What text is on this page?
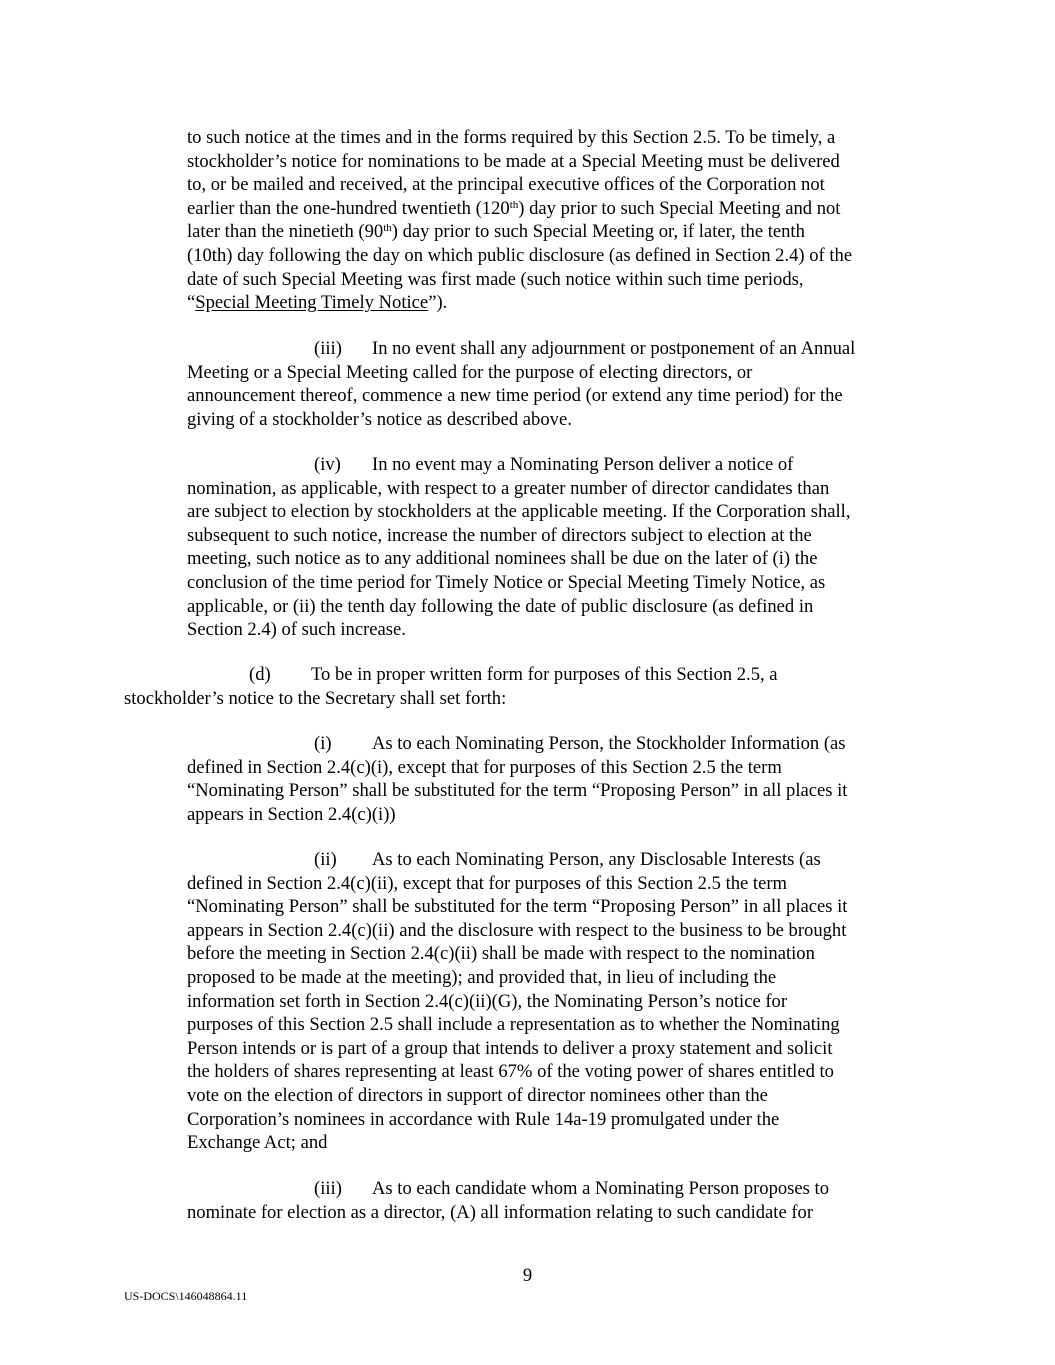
to such notice at the times and in the forms required by this Section 2.5. To be timely, a
stockholder’s notice for nominations to be made at a Special Meeting must be delivered
to, or be mailed and received, at the principal executive offices of the Corporation not
earlier than the one-hundred twentieth (120th) day prior to such Special Meeting and not
later than the ninetieth (90th) day prior to such Special Meeting or, if later, the tenth
(10th) day following the day on which public disclosure (as defined in Section 2.4) of the
date of such Special Meeting was first made (such notice within such time periods,
“Special Meeting Timely Notice”).
(iii) In no event shall any adjournment or postponement of an Annual
Meeting or a Special Meeting called for the purpose of electing directors, or
announcement thereof, commence a new time period (or extend any time period) for the
giving of a stockholder’s notice as described above.
(iv) In no event may a Nominating Person deliver a notice of
nomination, as applicable, with respect to a greater number of director candidates than
are subject to election by stockholders at the applicable meeting. If the Corporation shall,
subsequent to such notice, increase the number of directors subject to election at the
meeting, such notice as to any additional nominees shall be due on the later of (i) the
conclusion of the time period for Timely Notice or Special Meeting Timely Notice, as
applicable, or (ii) the tenth day following the date of public disclosure (as defined in
Section 2.4) of such increase.
(d) To be in proper written form for purposes of this Section 2.5, a
stockholder’s notice to the Secretary shall set forth:
(i) As to each Nominating Person, the Stockholder Information (as
defined in Section 2.4(c)(i), except that for purposes of this Section 2.5 the term
“Nominating Person” shall be substituted for the term “Proposing Person” in all places it
appears in Section 2.4(c)(i))
(ii) As to each Nominating Person, any Disclosable Interests (as
defined in Section 2.4(c)(ii), except that for purposes of this Section 2.5 the term
“Nominating Person” shall be substituted for the term “Proposing Person” in all places it
appears in Section 2.4(c)(ii) and the disclosure with respect to the business to be brought
before the meeting in Section 2.4(c)(ii) shall be made with respect to the nomination
proposed to be made at the meeting); and provided that, in lieu of including the
information set forth in Section 2.4(c)(ii)(G), the Nominating Person’s notice for
purposes of this Section 2.5 shall include a representation as to whether the Nominating
Person intends or is part of a group that intends to deliver a proxy statement and solicit
the holders of shares representing at least 67% of the voting power of shares entitled to
vote on the election of directors in support of director nominees other than the
Corporation’s nominees in accordance with Rule 14a-19 promulgated under the
Exchange Act; and
(iii) As to each candidate whom a Nominating Person proposes to
nominate for election as a director, (A) all information relating to such candidate for

9

US-DOCS\146048864.11
